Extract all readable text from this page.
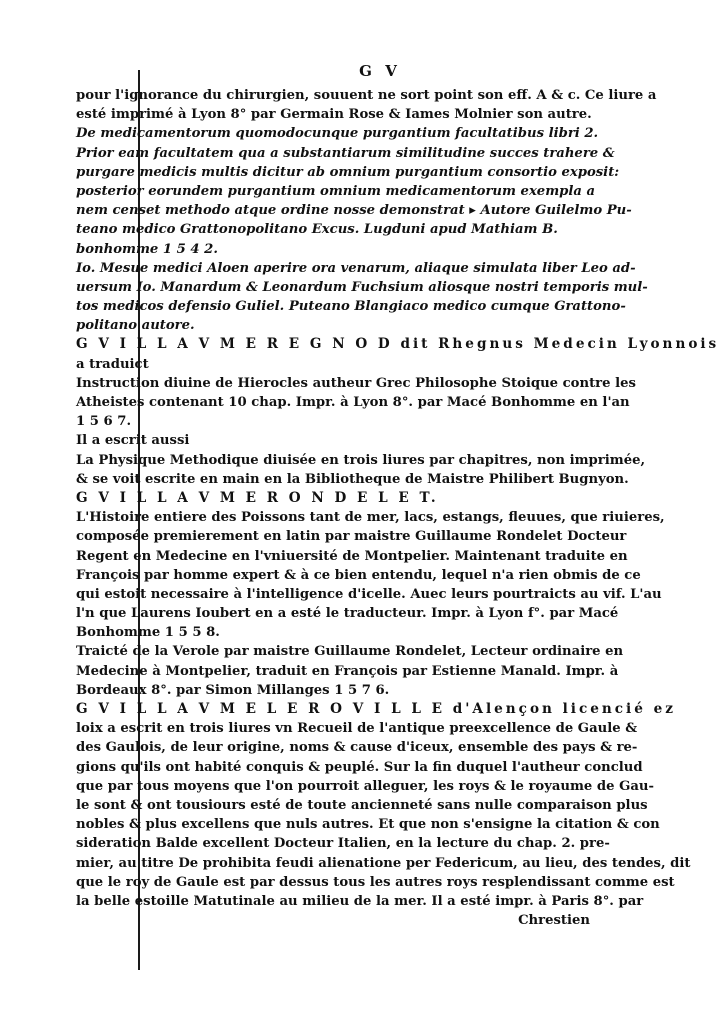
G V
pour l'ignorance du chirurgien, souuent ne sort point son eff. A & c. Ce liure a
esté imprimé à Lyon 8° par Germain Rose & Iames Molnier son autre.
De medicamentorum quomodocunque purgantium facultatibus libri 2.
Prior eam facultatem qua a substantiarum similitudine succes trahere &
purgare medicis multis dicitur ab omnium purgantium consortio exposit:
posterior eorundem purgantium omnium medicamentorum exempla a
nem censet methodo atque ordine nosse demonstrat ▸ Autore Guilelmo Pu-
teano medico Grattonopolitano Excus. Lugduni apud Mathiam B.
bonhomme 1 5 4 2.
Io. Mesue medici Aloen aperire ora venarum, aliaque simulata liber Leo ad-
uersum Io. Manardum & Leonardum Fuchsium aliosque nostri temporis mul-
tos medicos defensio Guliel. Puteano Blangiaco medico cumque Grattono-
politano autore.
G V I L L A V M E R E G N O D dit Rhegnus Medecin Lyonnois
a traduict
Instruction diuine de Hierocles autheur Grec Philosophe Stoique contre les
Atheistes contenant 10 chap. Impr. à Lyon 8°. par Macé Bonhomme en l'an
1 5 6 7.
Il a escrit aussi
La Physique Methodique diuisée en trois liures par chapitres, non imprimée,
& se voit escrite en main en la Bibliotheque de Maistre Philibert Bugnyon.
G V I L L A V M E R O N D E L E T.
L'Histoire entiere des Poissons tant de mer, lacs, estangs, fleuues, que riuieres,
composée premierement en latin par maistre Guillaume Rondelet Docteur
Regent en Medecine en l'vniuersité de Montpelier. Maintenant traduite en
François par homme expert & à ce bien entendu, lequel n'a rien obmis de ce
qui estoit necessaire à l'intelligence d'icelle. Auec leurs pourtraicts au vif. L'au
l'n que Laurens Ioubert en a esté le traducteur. Impr. à Lyon f°. par Macé
Bonhomme 1 5 5 8.
Traicté de la Verole par maistre Guillaume Rondelet, Lecteur ordinaire en
Medecine à Montpelier, traduit en François par Estienne Manald. Impr. à
Bordeaux 8°. par Simon Millanges 1 5 7 6.
G V I L L A V M E L E R O V I L L E d'Alençon licencié ez
loix a escrit en trois liures vn Recueil de l'antique preexcellence de Gaule &
des Gaulois, de leur origine, noms & cause d'iceux, ensemble des pays & re-
gions qu'ils ont habité conquis & peuplé. Sur la fin duquel l'autheur conclud
que par tous moyens que l'on pourroit alleguer, les roys & le royaume de Gau-
le sont & ont tousiours esté de toute ancienneté sans nulle comparaison plus
nobles & plus excellens que nuls autres. Et que non s'ensigne la citation & con
sideration Balde excellent Docteur Italien, en la lecture du chap. 2. pre-
mier, au titre De prohibita feudi alienatione per Federicum, au lieu, des tendes, dit
que le roy de Gaule est par dessus tous les autres roys resplendissant comme est
la belle estoille Matutinale au milieu de la mer. Il a esté impr. à Paris 8°. par
Chrestien
